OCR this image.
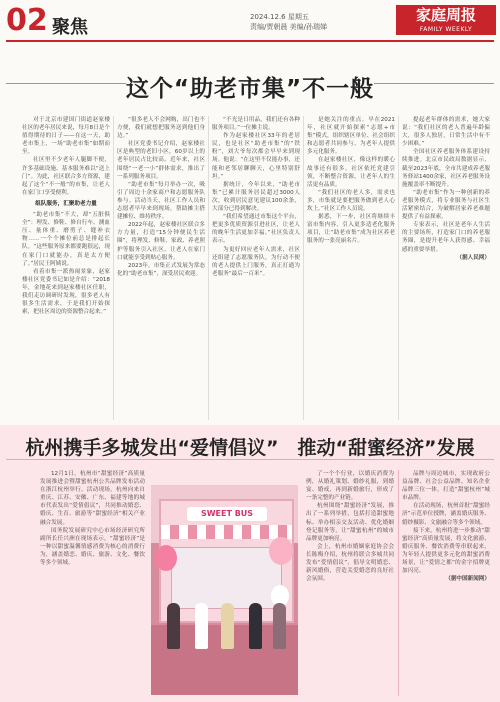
02 聚焦	2024.12.6 星期五
责编/贾朝晨 美编/孙瑞娣
家庭周报
FAMILY WEEKLY
这个“助老市集”不一般

对于北京市建国门街道赵家楼社区的老年居民来说，每月8日是个值得期待的日子——在这一天，助老市集上，一场“助老市集”如期而至。

社区里不少老年人腿脚不便，许多基础设施、基本服务难以“送上门”。为此，社区联合多方资源，建起了这个“不一般”的市集，让老人在家门口享受便利。

组队服务，汇聚助老力量

“助老市集”不大，却“五脏俱全”：理发、修鞋、修自行车、测血压、量体重、磨剪子、缝补衣物……一个个摊位前总是排起长队。“这些服务原来都要跑很远，现在家门口就能办，真是太方便了。”居民王阿姨说。

看着市集一派热闹景象，赵家楼社区党委书记如是介绍：“2018年，金地花来到赵家楼社区任职，我们走访调研时发现，很多老人有很多生活需求，于是我们开始探索，把社区周边的资源整合起来。”

“很多老人不会网购，出门也不方便，我们就想把服务送到他们身边。”

社区党委书记介绍，赵家楼社区是典型的老旧小区，60岁以上的老年居民占比较高。近年来，社区围绕“一老一小”群体需求，推出了一系列服务项目。

“助老市集”每月举办一次，吸引了周边十余家商户和志愿服务队参与。活动当天，社区工作人员和志愿者早早来到现场，帮助摊主搭建摊位、维持秩序。

2022年起，赵家楼社区联合多方力量，打造“15分钟便民生活圈”，将理发、修鞋、家政、养老照护等服务引入社区，让老人在家门口就能享受到贴心服务。

2023年，市集正式发展为常态化的“助老市集”，深受居民欢迎。

“不光是日用品，我们还有各种服务项目。”一位摊主说。

作为赵家楼社区33年的老居民，也是社区“助老市集”的“铁粉”，刘大爷每次都会早早来到现场。他说：“在这里不仅能办事，还能和老邻居聊聊天，心里特别舒坦。”

据统计，今年以来，“助老市集”已累计服务居民超过3000人次，收到居民意见建议100余条，大部分已得到解决。

“我们希望通过市集这个平台，把更多优质资源引进社区，让老人的晚年生活更加幸福。”社区负责人表示。

为更好回应老年人需求，社区还组建了志愿服务队，为行动不便的老人提供上门服务，真正打通为老服务“最后一百米”。

是她关注的重点。早在2021年，社区就开始探索“志愿+市集”模式，组织辖区单位、社会组织和志愿者共同参与，为老年人提供多元化服务。

在赵家楼社区，像这样的暖心故事还有很多。社区依托党建引领，不断整合资源，让老年人的生活更有品质。

“我们社区的老人多，需求也多，市集就是要把服务做到老人心坎上。”社区工作人员说。

据悉，下一步，社区将继续丰富市集内容，引入更多适老化服务项目，让“助老市集”成为社区养老服务的一张亮丽名片。

提起老年群体的需求，她大家说：“我们社区的老人普遍年龄偏大，很多人独居，日常生活中有不少困难。”

全国社区养老服务体系建设持续推进。北京市民政局数据显示，截至2023年底，全市共建成养老服务驿站1400余家，社区养老服务设施覆盖率不断提升。

“助老市集”作为一种创新的养老服务模式，将专业服务与社区生活紧密结合，为破解居家养老难题提供了有益探索。

专家表示，社区是老年人生活的主要场所，打造家门口的养老服务圈，是提升老年人获得感、幸福感的重要举措。

（据人民网）

杭州携手多城发出“爱情倡议”　推动“甜蜜经济”发展

12月1日，杭州市“甜蜜经济”高质量发展推进会暨甜蜜杭州公共品牌发布活动在浙江杭州举行。活动现场，杭州向来自重庆、江苏、安徽、广东、福建等地的城市代表发出“爱情倡议”，共同推动婚恋、婚庆、生育、旅游等“甜蜜经济”相关产业融合发展。

国务院发展研究中心市场经济研究所副所长任兴洲在现场表示，“甜蜜经济”是一种以甜蜜温馨情感消费为核心的消费行为，涵盖婚恋、婚庆、旅游、文化、餐饮等多个领域。

SWEET BUS

了一个个行业，以婚庆消费为例，从婚礼策划、婚纱礼服，到婚宴、婚戒，再到新婚旅行，形成了一条完整的产业链。

杭州围绕“甜蜜经济”发展，推出了一系列举措，包括打造甜蜜地标、举办相亲交友活动、优化婚姻登记服务等，让“甜蜜杭州”的城市品牌更加响亮。

会上，杭州市婚姻家庭协会会长陈梅介绍，杭州将联合多城共同发布“爱情倡议”，倡导文明婚恋、新风婚俗，营造关爱婚恋的良好社会氛围。

品牌与周边城市，实现政府公益品牌、社会公益品牌、知名企业品牌三位一体，打造“甜蜜杭州”城市品牌。

在活动现场，杭州首批“甜蜜经济”示范单位授牌，涵盖婚庆服务、婚纱摄影、文旅融合等多个领域。

接下来，杭州将进一步推动“甜蜜经济”高质量发展，将文化旅游、婚庆服务、餐饮消费等串联起来，为年轻人提供更多元化的甜蜜消费场景，让“爱情之都”的金字招牌更加闪亮。

（据中国新闻网）
